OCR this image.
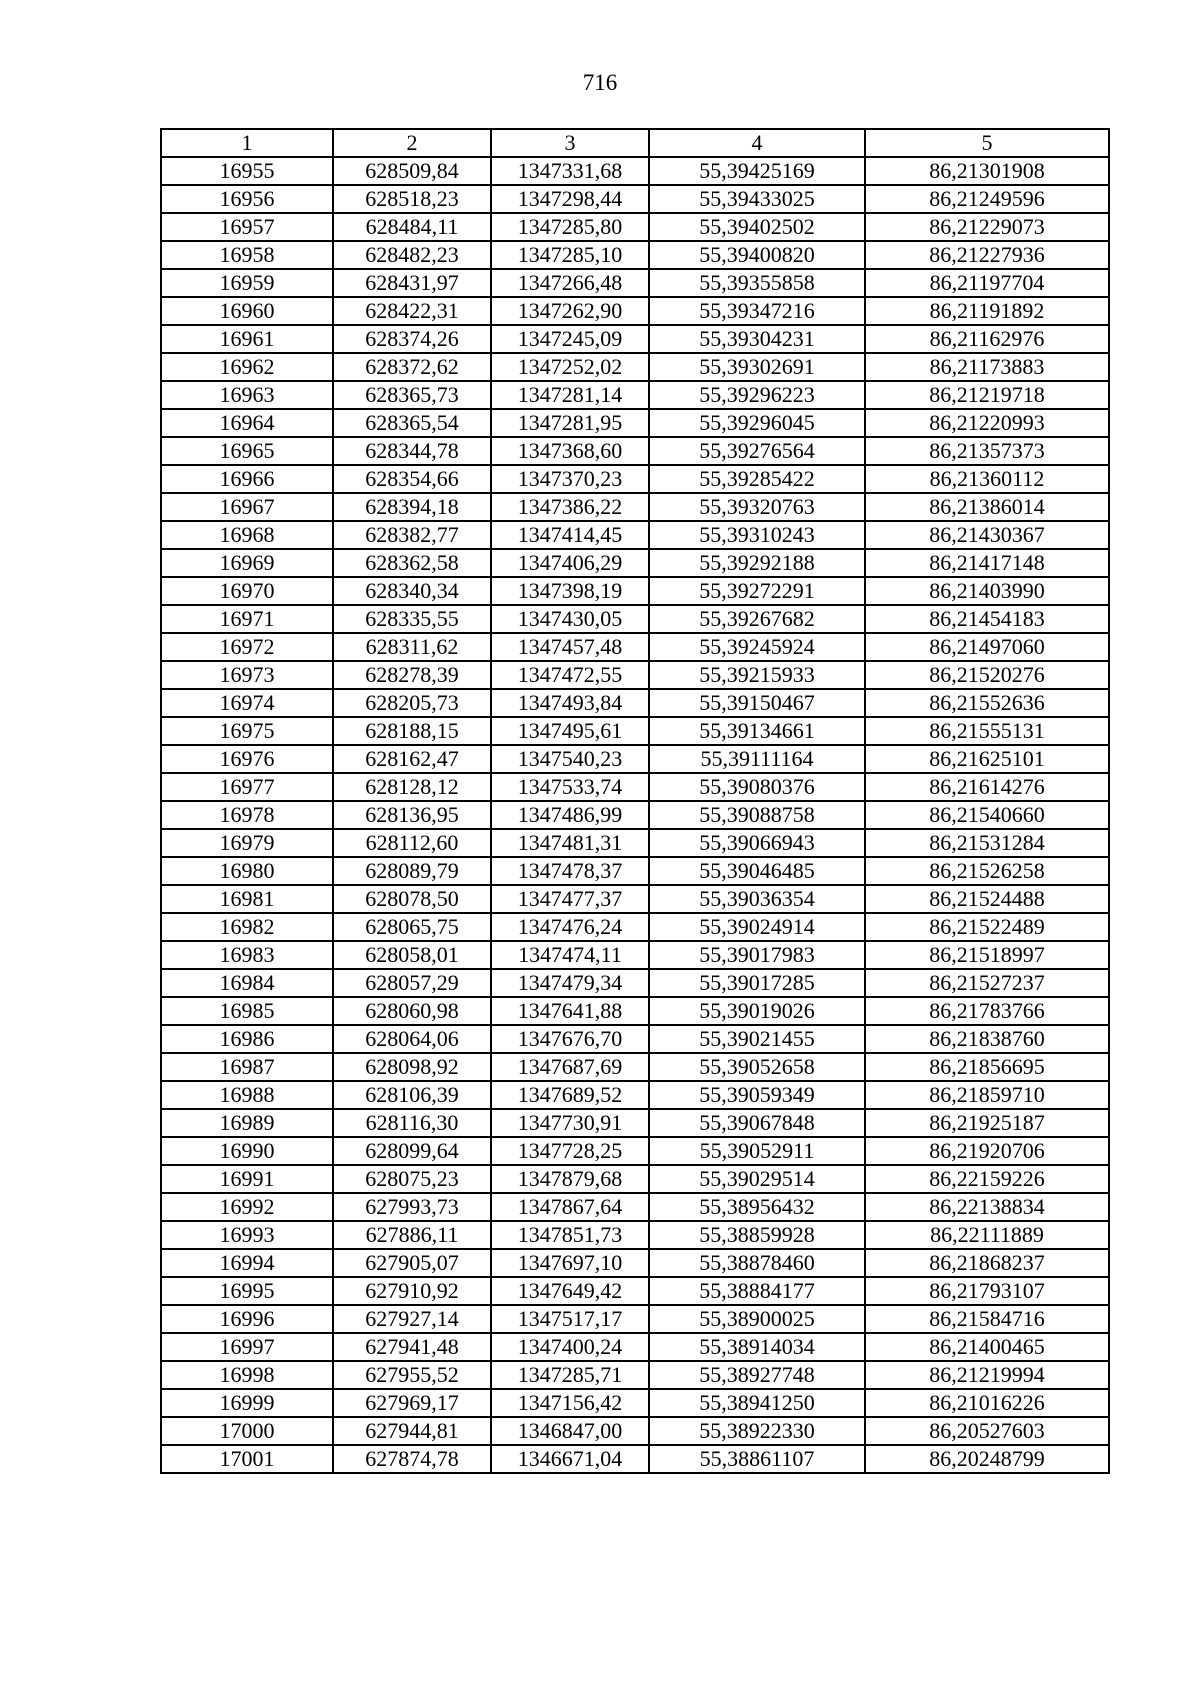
716
1	2	3	4	5
16955	628509,84	1347331,68	55,39425169	86,21301908
16956	628518,23	1347298,44	55,39433025	86,21249596
16957	628484,11	1347285,80	55,39402502	86,21229073
16958	628482,23	1347285,10	55,39400820	86,21227936
16959	628431,97	1347266,48	55,39355858	86,21197704
16960	628422,31	1347262,90	55,39347216	86,21191892
16961	628374,26	1347245,09	55,39304231	86,21162976
16962	628372,62	1347252,02	55,39302691	86,21173883
16963	628365,73	1347281,14	55,39296223	86,21219718
16964	628365,54	1347281,95	55,39296045	86,21220993
16965	628344,78	1347368,60	55,39276564	86,21357373
16966	628354,66	1347370,23	55,39285422	86,21360112
16967	628394,18	1347386,22	55,39320763	86,21386014
16968	628382,77	1347414,45	55,39310243	86,21430367
16969	628362,58	1347406,29	55,39292188	86,21417148
16970	628340,34	1347398,19	55,39272291	86,21403990
16971	628335,55	1347430,05	55,39267682	86,21454183
16972	628311,62	1347457,48	55,39245924	86,21497060
16973	628278,39	1347472,55	55,39215933	86,21520276
16974	628205,73	1347493,84	55,39150467	86,21552636
16975	628188,15	1347495,61	55,39134661	86,21555131
16976	628162,47	1347540,23	55,39111164	86,21625101
16977	628128,12	1347533,74	55,39080376	86,21614276
16978	628136,95	1347486,99	55,39088758	86,21540660
16979	628112,60	1347481,31	55,39066943	86,21531284
16980	628089,79	1347478,37	55,39046485	86,21526258
16981	628078,50	1347477,37	55,39036354	86,21524488
16982	628065,75	1347476,24	55,39024914	86,21522489
16983	628058,01	1347474,11	55,39017983	86,21518997
16984	628057,29	1347479,34	55,39017285	86,21527237
16985	628060,98	1347641,88	55,39019026	86,21783766
16986	628064,06	1347676,70	55,39021455	86,21838760
16987	628098,92	1347687,69	55,39052658	86,21856695
16988	628106,39	1347689,52	55,39059349	86,21859710
16989	628116,30	1347730,91	55,39067848	86,21925187
16990	628099,64	1347728,25	55,39052911	86,21920706
16991	628075,23	1347879,68	55,39029514	86,22159226
16992	627993,73	1347867,64	55,38956432	86,22138834
16993	627886,11	1347851,73	55,38859928	86,22111889
16994	627905,07	1347697,10	55,38878460	86,21868237
16995	627910,92	1347649,42	55,38884177	86,21793107
16996	627927,14	1347517,17	55,38900025	86,21584716
16997	627941,48	1347400,24	55,38914034	86,21400465
16998	627955,52	1347285,71	55,38927748	86,21219994
16999	627969,17	1347156,42	55,38941250	86,21016226
17000	627944,81	1346847,00	55,38922330	86,20527603
17001	627874,78	1346671,04	55,38861107	86,20248799
